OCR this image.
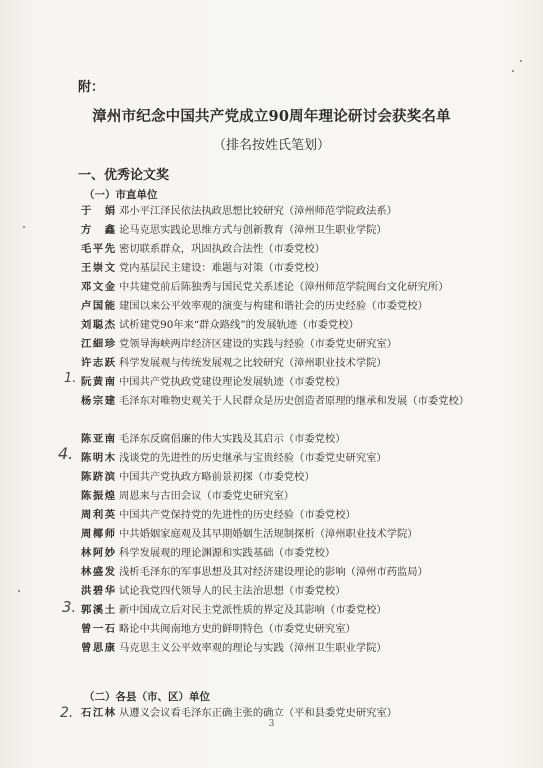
附：
漳州市纪念中国共产党成立90周年理论研讨会获奖名单
（排名按姓氏笔划）
一、优秀论文奖
（一）市直单位
（二）各县（市、区）单位
于 娟 邓小平江泽民依法执政思想比较研究（漳州师范学院政法系）
方 鑫 论马克思实践论思维方式与创新教育（漳州卫生职业学院）
毛平先 密切联系群众，巩固执政合法性（市委党校）
王崇文 党内基层民主建设：难题与对策（市委党校）
邓文金 中共建党前后陈独秀与国民党关系述论（漳州师范学院闽台文化研究所）
卢国能 建国以来公平效率观的演变与构建和谐社会的历史经验（市委党校）
刘聪杰 试析建党90年来“群众路线”的发展轨迹（市委党校）
江細珍 党领导海峡两岸经济区建设的实践与经验（市委党史研究室）
许志跃 科学发展观与传统发展观之比较研究（漳州职业技术学院）
阮黄南 中国共产党执政党建设理论发展轨迹（市委党校）
杨宗建 毛泽东对唯物史观关于人民群众是历史创造者原理的继承和发展（市委党校）
陈亚南 毛泽东反腐倡廉的伟大实践及其启示（市委党校）
陈明木 浅谈党的先进性的历史继承与宝贵经验（市委党史研究室）
陈跻滨 中国共产党执政方略前景初探（市委党校）
陈振煌 周恩来与古田会议（市委党史研究室）
周利英 中国共产党保持党的先进性的历史经验（市委党校）
周椰师 中共婚姻家庭观及其早期婚姻生活规制探析（漳州职业技术学院）
林阿妙 科学发展观的理论渊源和实践基础（市委党校）
林盛发 浅析毛泽东的军事思想及其对经济建设理论的影响（漳州市药监局）
洪碧华 试论我党四代领导人的民主法治思想（市委党校）
郭溪土 新中国成立后对民主党派性质的界定及其影响（市委党校）
曾一石 略论中共闽南地方史的鲜明特色（市委党史研究室）
曾思康 马克思主义公平效率观的理论与实践（漳州卫生职业学院）
石江林 从遵义会议看毛泽东正确主张的确立（平和县委党史研究室）
1.
4.
3.
2.
3
